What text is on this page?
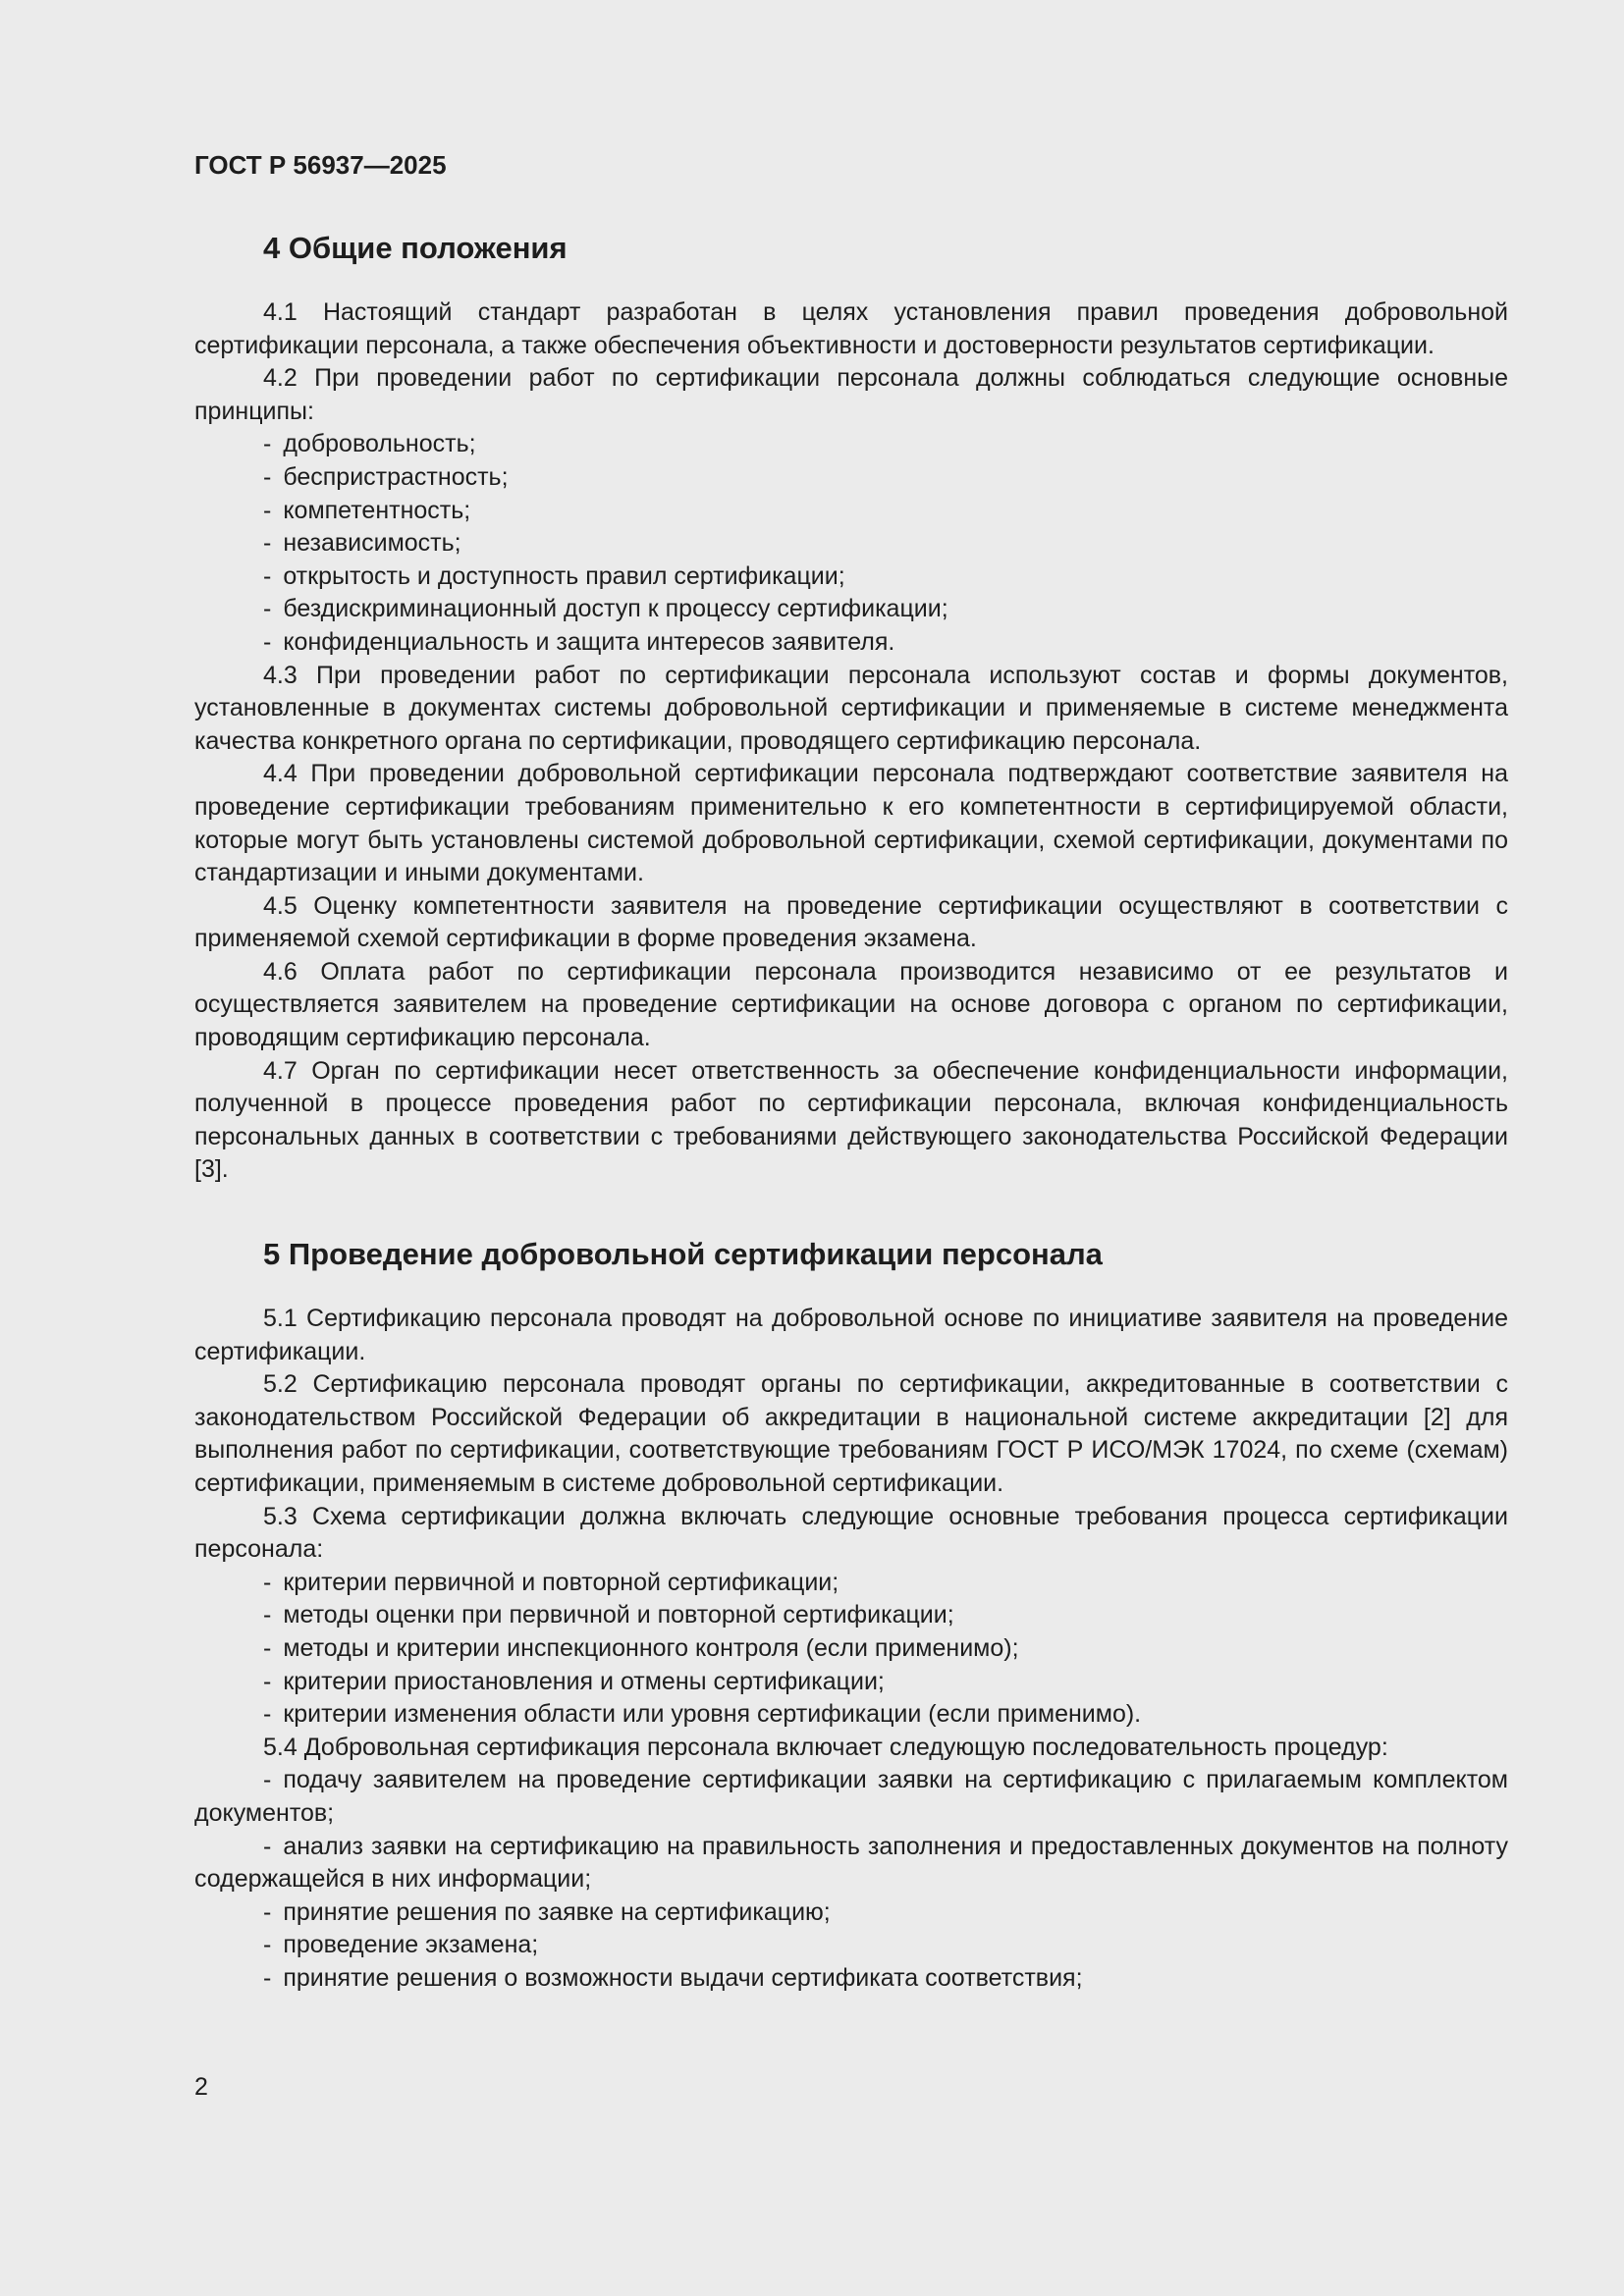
ГОСТ Р 56937—2025
4 Общие положения

4.1 Настоящий стандарт разработан в целях установления правил проведения добровольной сертификации персонала, а также обеспечения объективности и достоверности результатов сертификации.

4.2 При проведении работ по сертификации персонала должны соблюдаться следующие основные принципы:

- добровольность;
- беспристрастность;
- компетентность;
- независимость;
- открытость и доступность правил сертификации;
- бездискриминационный доступ к процессу сертификации;
- конфиденциальность и защита интересов заявителя.

4.3 При проведении работ по сертификации персонала используют состав и формы документов, установленные в документах системы добровольной сертификации и применяемые в системе менеджмента качества конкретного органа по сертификации, проводящего сертификацию персонала.

4.4 При проведении добровольной сертификации персонала подтверждают соответствие заявителя на проведение сертификации требованиям применительно к его компетентности в сертифицируемой области, которые могут быть установлены системой добровольной сертификации, схемой сертификации, документами по стандартизации и иными документами.

4.5 Оценку компетентности заявителя на проведение сертификации осуществляют в соответствии с применяемой схемой сертификации в форме проведения экзамена.

4.6 Оплата работ по сертификации персонала производится независимо от ее результатов и осуществляется заявителем на проведение сертификации на основе договора с органом по сертификации, проводящим сертификацию персонала.

4.7 Орган по сертификации несет ответственность за обеспечение конфиденциальности информации, полученной в процессе проведения работ по сертификации персонала, включая конфиденциальность персональных данных в соответствии с требованиями действующего законодательства Российской Федерации [3].

5 Проведение добровольной сертификации персонала

5.1 Сертификацию персонала проводят на добровольной основе по инициативе заявителя на проведение сертификации.

5.2 Сертификацию персонала проводят органы по сертификации, аккредитованные в соответствии с законодательством Российской Федерации об аккредитации в национальной системе аккредитации [2] для выполнения работ по сертификации, соответствующие требованиям ГОСТ Р ИСО/МЭК 17024, по схеме (схемам) сертификации, применяемым в системе добровольной сертификации.

5.3 Схема сертификации должна включать следующие основные требования процесса сертификации персонала:

- критерии первичной и повторной сертификации;
- методы оценки при первичной и повторной сертификации;
- методы и критерии инспекционного контроля (если применимо);
- критерии приостановления и отмены сертификации;
- критерии изменения области или уровня сертификации (если применимо).

5.4 Добровольная сертификация персонала включает следующую последовательность процедур:

- подачу заявителем на проведение сертификации заявки на сертификацию с прилагаемым комплектом документов;
- анализ заявки на сертификацию на правильность заполнения и предоставленных документов на полноту содержащейся в них информации;
- принятие решения по заявке на сертификацию;
- проведение экзамена;
- принятие решения о возможности выдачи сертификата соответствия;
2
